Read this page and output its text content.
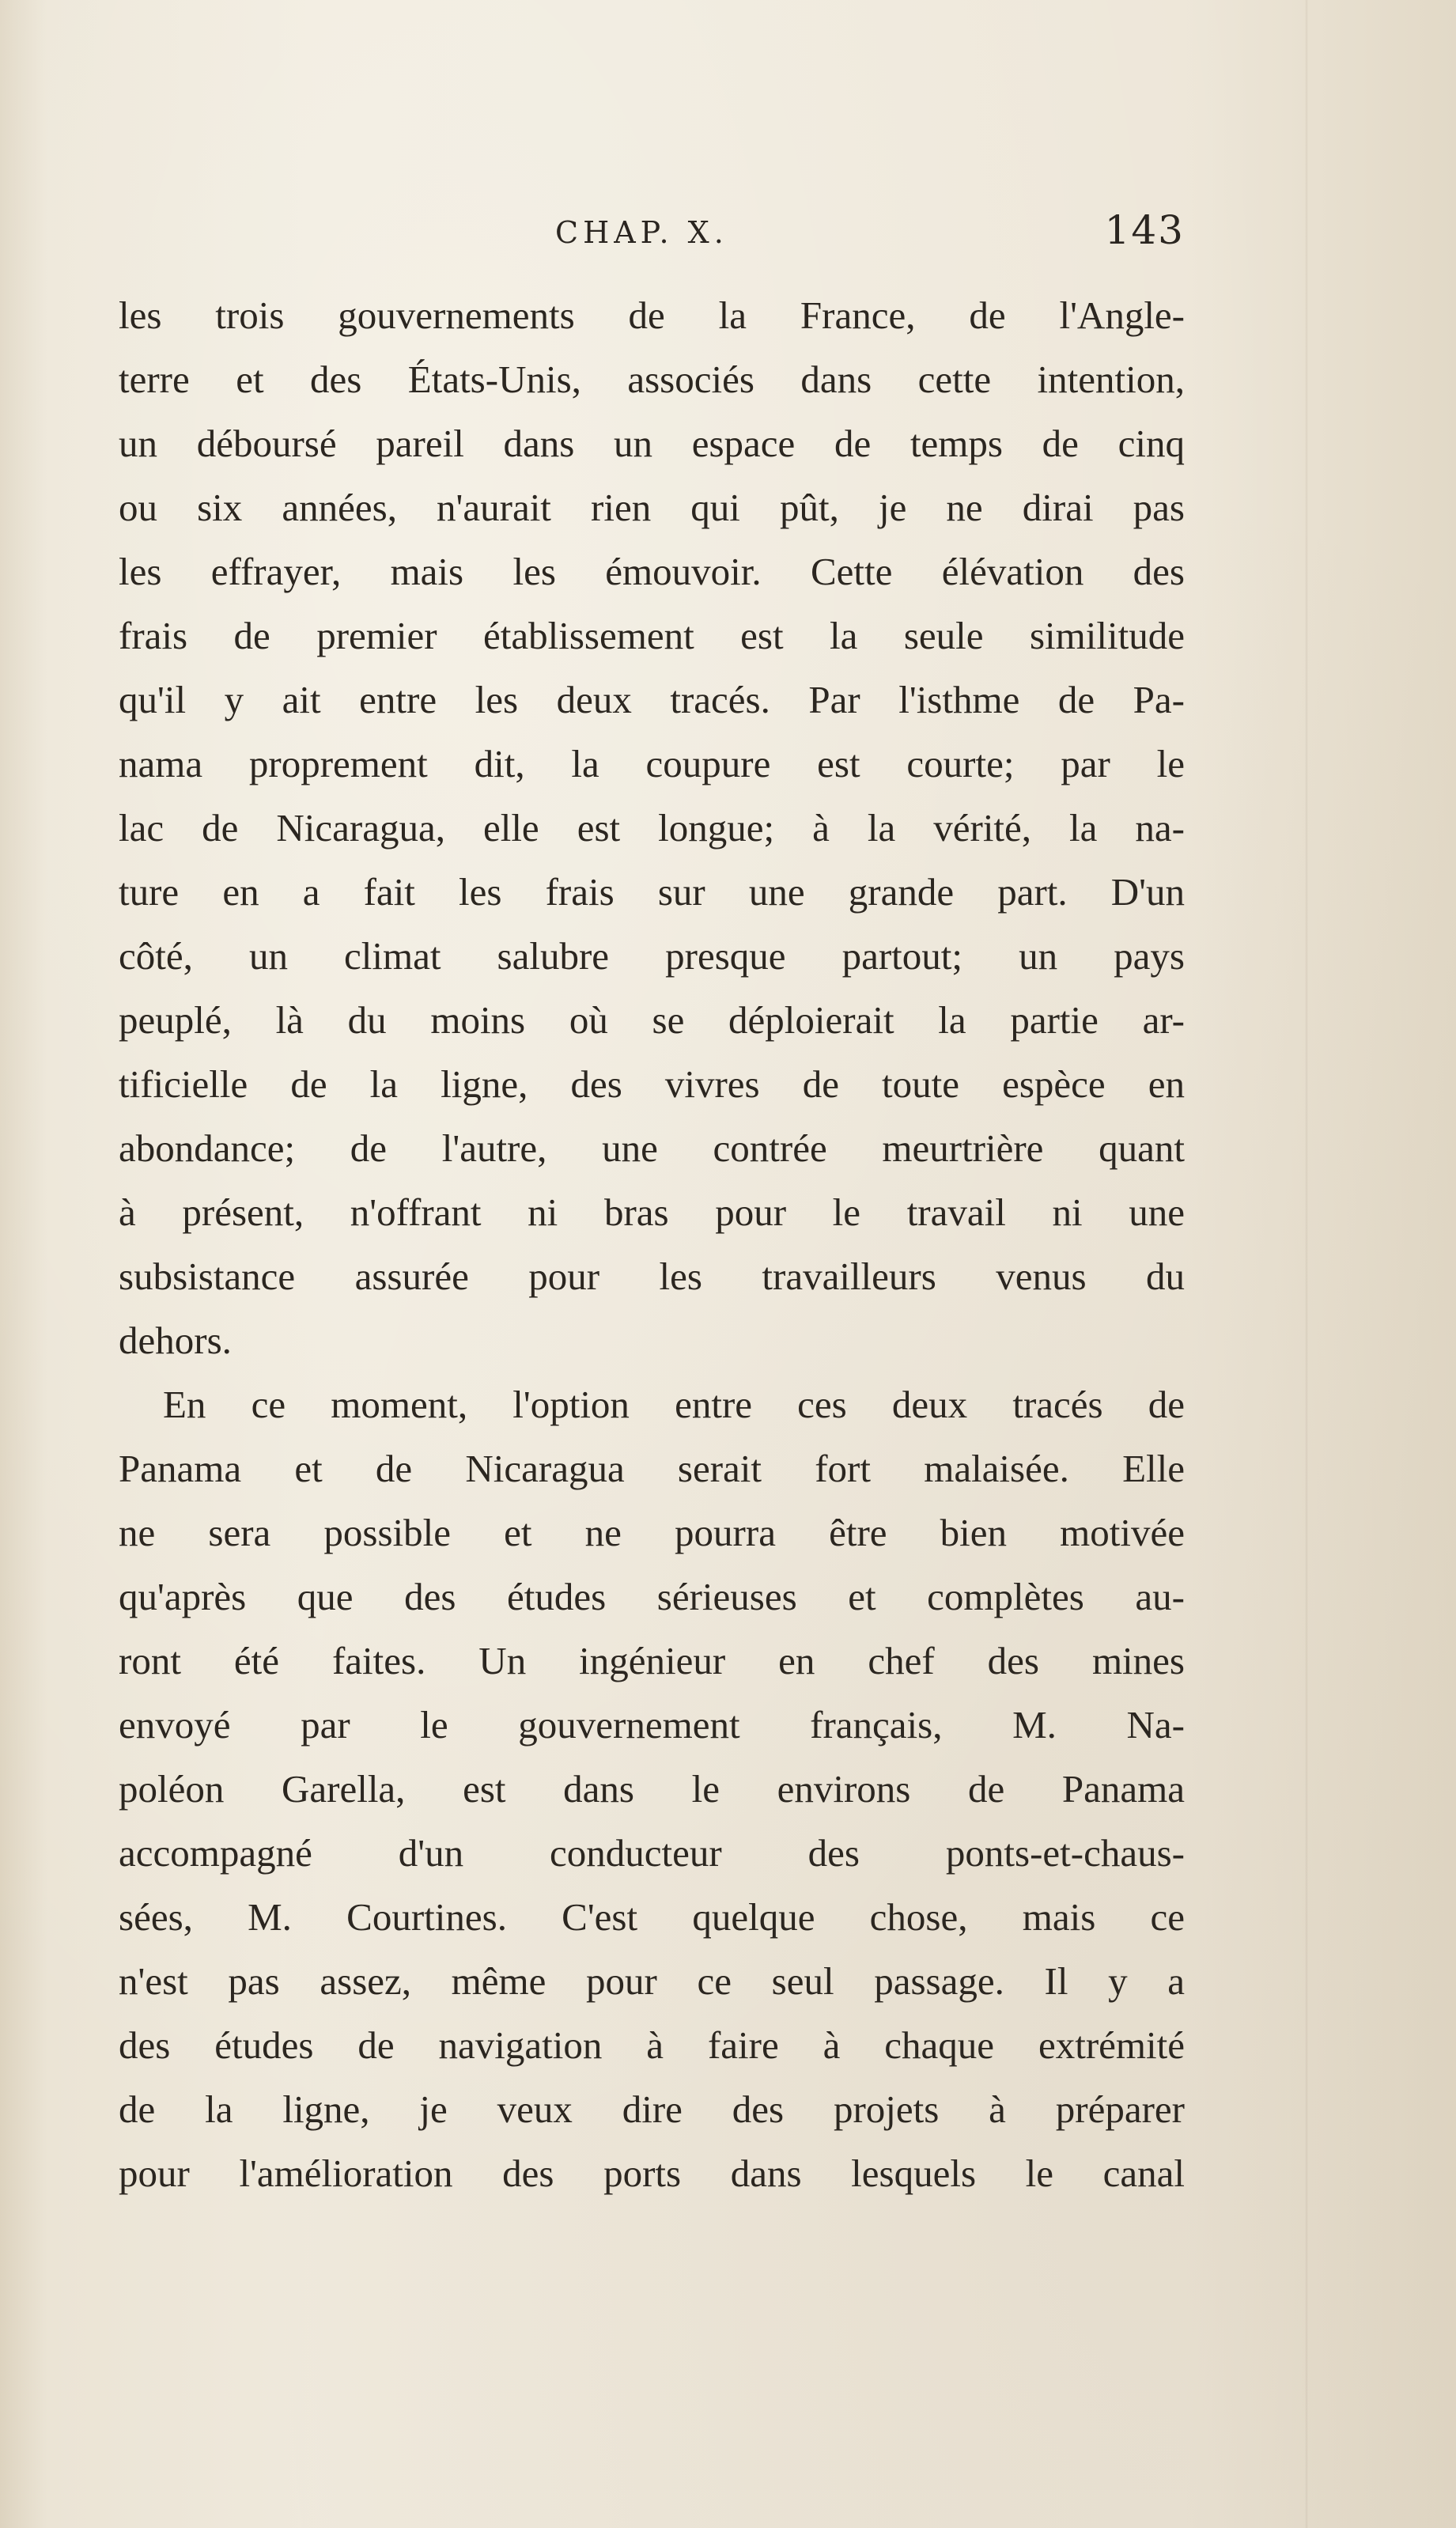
CHAP. X.	143
les trois gouvernements de la France, de l'Angle-
terre et des États-Unis, associés dans cette intention,
un déboursé pareil dans un espace de temps de cinq
ou six années, n'aurait rien qui pût, je ne dirai pas
les effrayer, mais les émouvoir. Cette élévation des
frais de premier établissement est la seule similitude
qu'il y ait entre les deux tracés. Par l'isthme de Pa-
nama proprement dit, la coupure est courte; par le
lac de Nicaragua, elle est longue; à la vérité, la na-
ture en a fait les frais sur une grande part. D'un
côté, un climat salubre presque partout; un pays
peuplé, là du moins où se déploierait la partie ar-
tificielle de la ligne, des vivres de toute espèce en
abondance; de l'autre, une contrée meurtrière quant
à présent, n'offrant ni bras pour le travail ni une
subsistance assurée pour les travailleurs venus du
dehors.
En ce moment, l'option entre ces deux tracés de
Panama et de Nicaragua serait fort malaisée. Elle
ne sera possible et ne pourra être bien motivée
qu'après que des études sérieuses et complètes au-
ront été faites. Un ingénieur en chef des mines
envoyé par le gouvernement français, M. Na-
poléon Garella, est dans le environs de Panama
accompagné d'un conducteur des ponts-et-chaus-
sées, M. Courtines. C'est quelque chose, mais ce
n'est pas assez, même pour ce seul passage. Il y a
des études de navigation à faire à chaque extrémité
de la ligne, je veux dire des projets à préparer
pour l'amélioration des ports dans lesquels le canal
